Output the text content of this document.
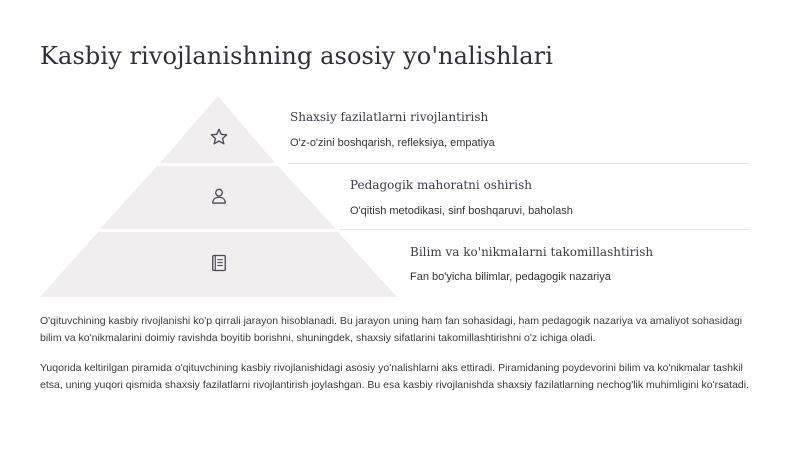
Kasbiy rivojlanishning asosiy yo'nalishlari
Shaxsiy fazilatlarni rivojlantirish
O'z-o'zini boshqarish, refleksiya, empatiya
Pedagogik mahoratni oshirish
O'qitish metodikasi, sinf boshqaruvi, baholash
Bilim va ko'nikmalarni takomillashtirish
Fan bo'yicha bilimlar, pedagogik nazariya

O'qituvchining kasbiy rivojlanishi ko'p qirrali jarayon hisoblanadi. Bu jarayon uning ham fan sohasidagi, ham pedagogik nazariya va amaliyot sohasidagi bilim va ko'nikmalarini doimiy ravishda boyitib borishni, shuningdek, shaxsiy sifatlarini takomillashtirishni o'z ichiga oladi.

Yuqorida keltirilgan piramida o'qituvchining kasbiy rivojlanishidagi asosiy yo'nalishlarni aks ettiradi. Piramidaning poydevorini bilim va ko'nikmalar tashkil etsa, uning yuqori qismida shaxsiy fazilatlarni rivojlantirish joylashgan. Bu esa kasbiy rivojlanishda shaxsiy fazilatlarning nechog'lik muhimligini ko'rsatadi.
